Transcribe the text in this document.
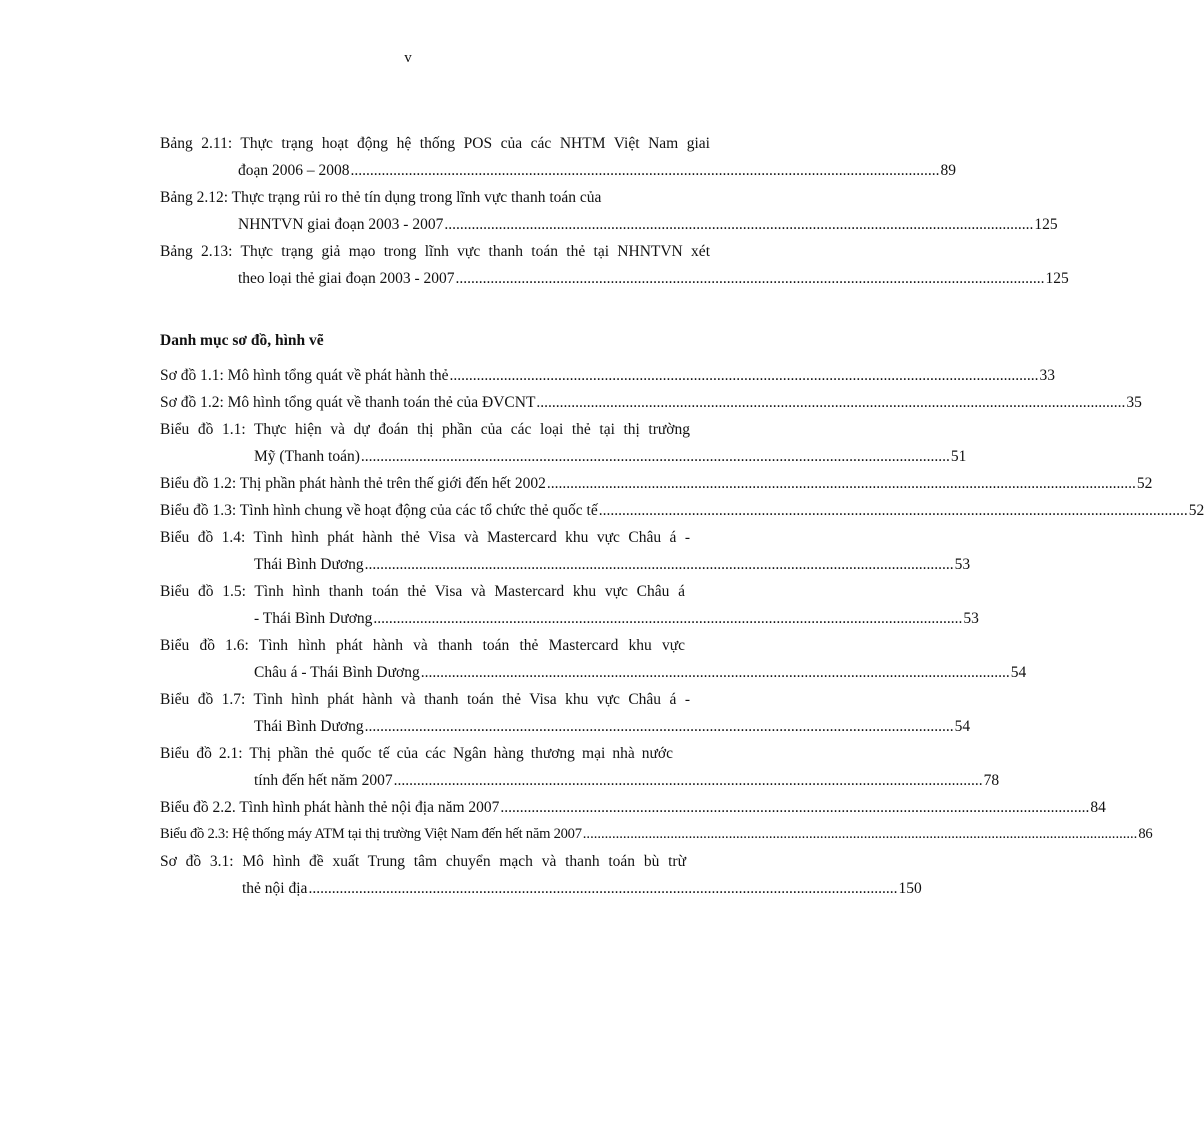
v
Bảng 2.11: Thực trạng hoạt động hệ thống POS của các NHTM Việt Nam giai
đoạn 2006 – 2008 ........................................................................................................................................................ 89
Bảng 2.12: Thực trạng rủi ro thẻ tín dụng trong lĩnh vực thanh toán của
NHNTVN giai đoạn 2003 - 2007 ........................................................................................................................................................ 125
Bảng 2.13: Thực trạng giả mạo trong lĩnh vực thanh toán thẻ tại NHNTVN xét
theo loại thẻ giai đoạn 2003 - 2007 ........................................................................................................................................................ 125
Danh mục sơ đồ, hình vẽ
Sơ đồ 1.1: Mô hình tổng quát về phát hành thẻ ........................................................................................................................................................ 33
Sơ đồ 1.2: Mô hình tổng quát về thanh toán thẻ của ĐVCNT ........................................................................................................................................................ 35
Biểu đồ 1.1: Thực hiện và dự đoán thị phần của các loại thẻ tại thị trường
Mỹ (Thanh toán) ........................................................................................................................................................ 51
Biểu đồ 1.2: Thị phần phát hành thẻ trên thế giới đến hết 2002 ........................................................................................................................................................ 52
Biểu đồ 1.3: Tình hình chung về hoạt động của các tổ chức thẻ quốc tế ........................................................................................................................................................ 52
Biểu đồ 1.4: Tình hình phát hành thẻ Visa và Mastercard khu vực Châu á -
Thái Bình Dương ........................................................................................................................................................ 53
Biểu đồ 1.5: Tình hình thanh toán thẻ Visa và Mastercard khu vực Châu á
- Thái Bình Dương ........................................................................................................................................................ 53
Biểu đồ 1.6: Tình hình phát hành và thanh toán thẻ Mastercard khu vực
Châu á - Thái Bình Dương ........................................................................................................................................................ 54
Biểu đồ 1.7: Tình hình phát hành và thanh toán thẻ Visa khu vực Châu á -
Thái Bình Dương ........................................................................................................................................................ 54
Biểu đồ 2.1: Thị phần thẻ quốc tế của các Ngân hàng thương mại nhà nước
tính đến hết năm 2007 ........................................................................................................................................................ 78
Biểu đồ 2.2. Tình hình phát hành thẻ nội địa năm 2007 ........................................................................................................................................................ 84
Biểu đồ 2.3: Hệ thống máy ATM tại thị trường Việt Nam đến hết năm 2007 ........................................................................................................................................................ 86
Sơ đồ 3.1: Mô hình đề xuất Trung tâm chuyển mạch và thanh toán bù trừ
thẻ nội địa ........................................................................................................................................................ 150
